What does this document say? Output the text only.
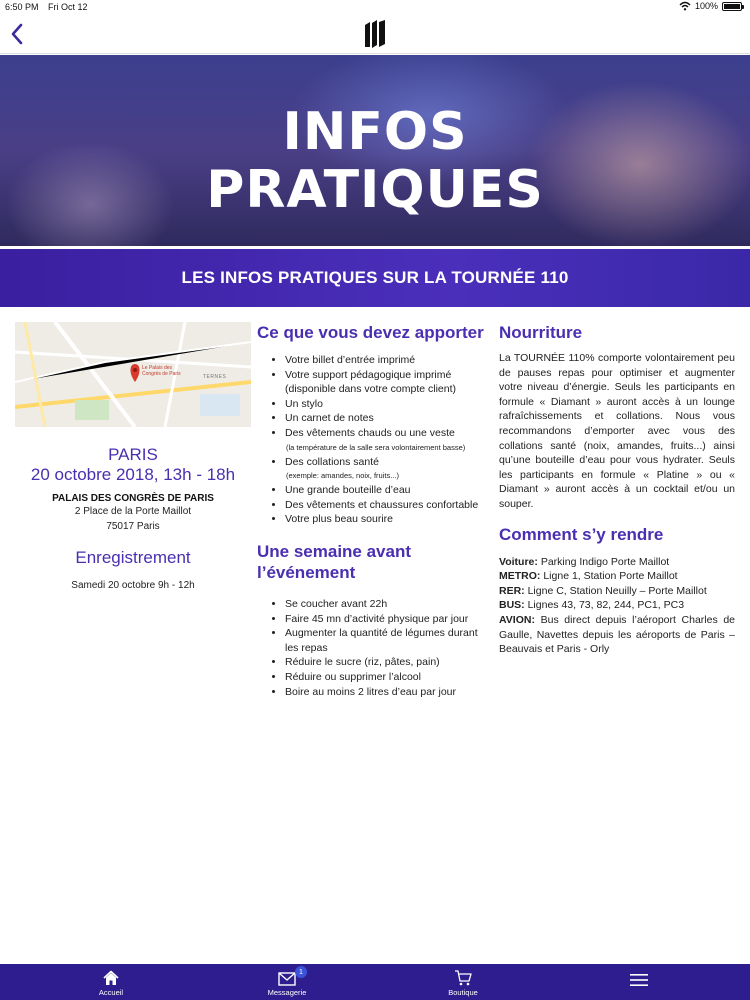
6:50 PM Fri Oct 12	100%
INFOS
PRATIQUES
LES INFOS PRATIQUES SUR LA TOURNÉE 110
Le Palais des Congrès de Paris	TERNES
PARIS
20 octobre 2018, 13h - 18h
PALAIS DES CONGRÈS DE PARIS
2 Place de la Porte Maillot
75017 Paris
Enregistrement
Samedi 20 octobre 9h - 12h
Ce que vous devez apporter
• Votre billet d’entrée imprimé
• Votre support pédagogique imprimé (disponible dans votre compte client)
• Un stylo
• Un carnet de notes
• Des vêtements chauds ou une veste
(la température de la salle sera volontairement basse)
• Des collations santé
(exemple: amandes, noix, fruits...)
• Une grande bouteille d’eau
• Des vêtements et chaussures confortable
• Votre plus beau sourire
Une semaine avant l’événement
• Se coucher avant 22h
• Faire 45 mn d’activité physique par jour
• Augmenter la quantité de légumes durant les repas
• Réduire le sucre (riz, pâtes, pain)
• Réduire ou supprimer l’alcool
• Boire au moins 2 litres d’eau par jour
Nourriture

La TOURNÉE 110% comporte volontairement peu de pauses repas pour optimiser et augmenter votre niveau d’énergie. Seuls les participants en formule « Diamant » auront accès à un lounge rafraîchissements et collations. Nous vous recommandons d’emporter avec vous des collations santé (noix, amandes, fruits...) ainsi qu’une bouteille d’eau pour vous hydrater. Seuls les participants en formule « Platine » ou « Diamant » auront accès à un cocktail et/ou un souper.

Comment s’y rendre
Voiture: Parking Indigo Porte Maillot
METRO: Ligne 1, Station Porte Maillot
RER: Ligne C, Station Neuilly – Porte Maillot
BUS: Lignes 43, 73, 82, 244, PC1, PC3
AVION: Bus direct depuis l’aéroport Charles de Gaulle, Navettes depuis les aéroports de Paris – Beauvais et Paris - Orly
Accueil
1
Messagerie	Boutique
